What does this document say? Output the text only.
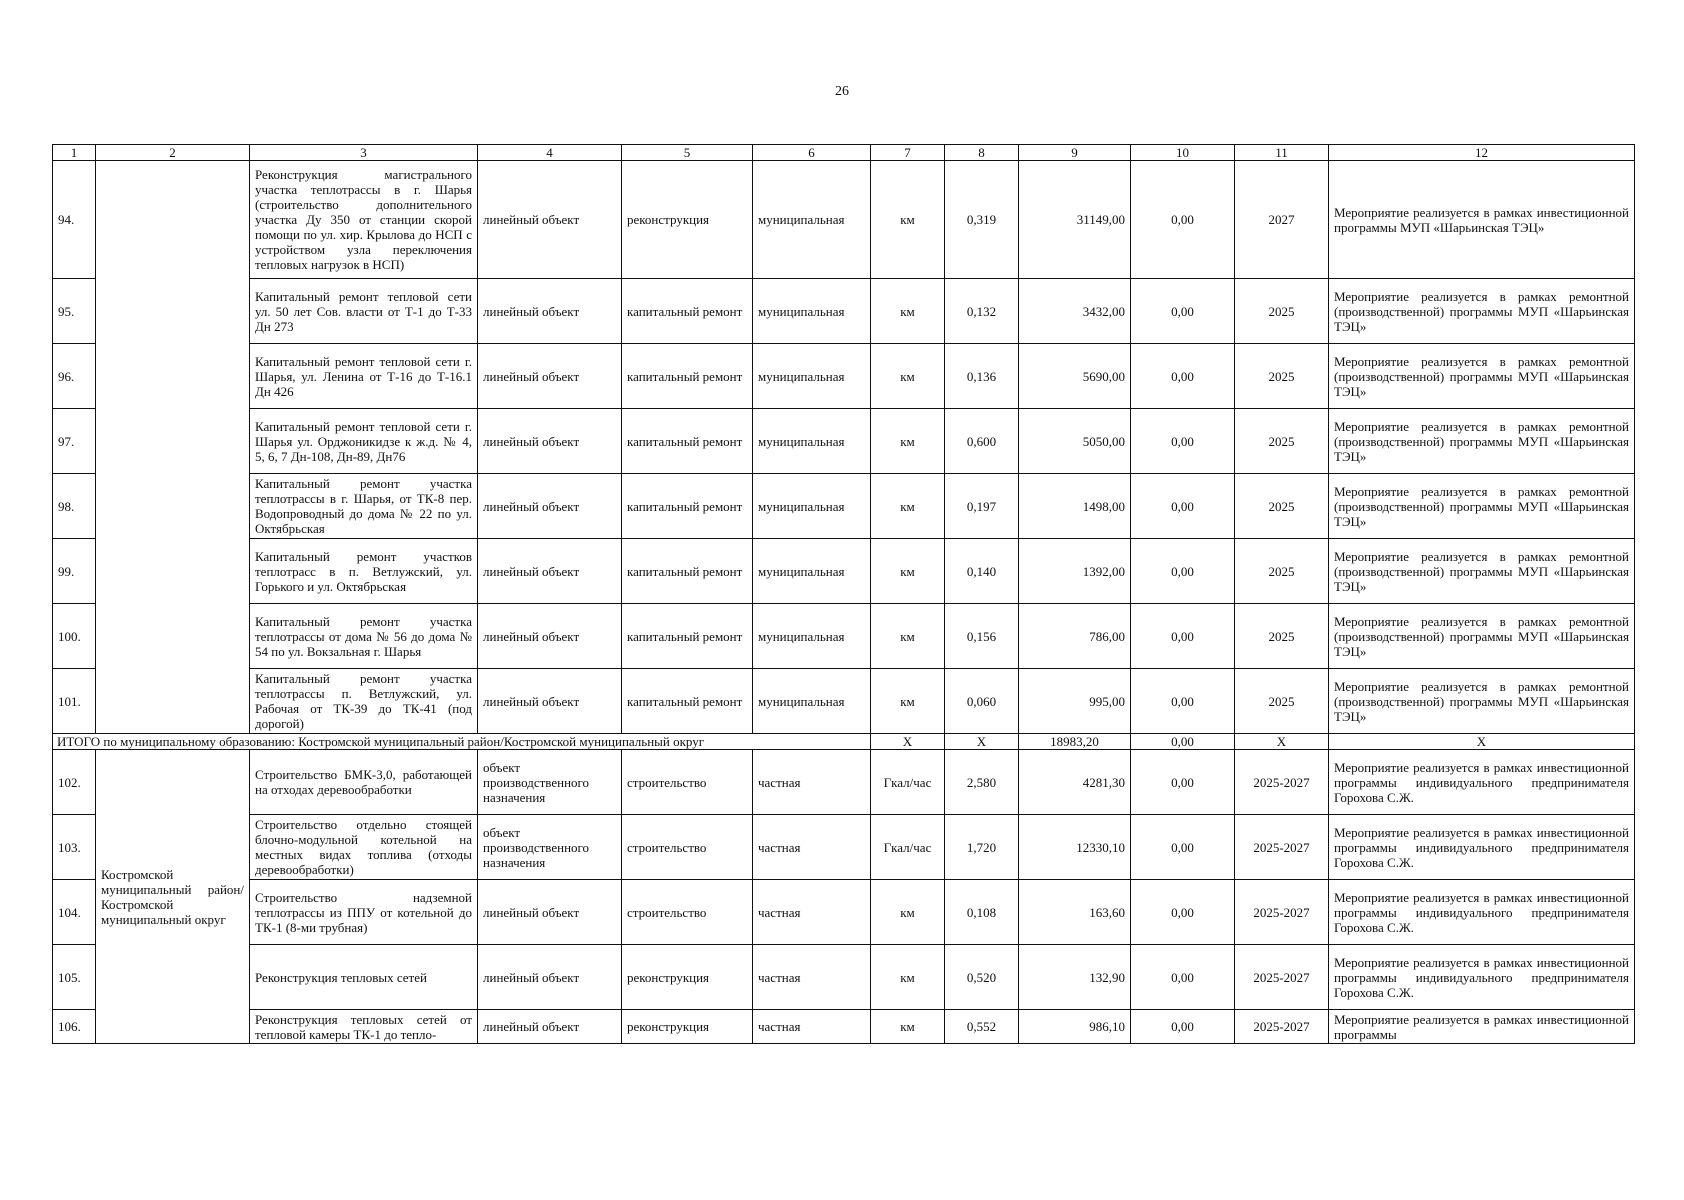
26
1	2	3	4	5	6	7	8	9	10	11	12
94.		Реконструкция магистрального участка теплотрассы в г. Шарья (строительство дополнительного участка Ду 350 от станции скорой помощи по ул. хир. Крылова до НСП с устройством узла переключения тепловых нагрузок в НСП)	линейный объект	реконструкция	муниципальная	км	0,319	31149,00	0,00	2027	Мероприятие реализуется в рамках инвестиционной программы МУП «Шарьинская ТЭЦ»
95.		Капитальный ремонт тепловой сети ул. 50 лет Сов. власти от Т-1 до Т-33 Дн 273	линейный объект	капитальный ремонт	муниципальная	км	0,132	3432,00	0,00	2025	Мероприятие реализуется в рамках ремонтной (производственной) программы МУП «Шарьинская ТЭЦ»
96.		Капитальный ремонт тепловой сети г. Шарья, ул. Ленина от Т-16 до Т-16.1 Дн 426	линейный объект	капитальный ремонт	муниципальная	км	0,136	5690,00	0,00	2025	Мероприятие реализуется в рамках ремонтной (производственной) программы МУП «Шарьинская ТЭЦ»
97.		Капитальный ремонт тепловой сети г. Шарья ул. Орджоникидзе к ж.д. № 4, 5, 6, 7 Дн-108, Дн-89, Дн76	линейный объект	капитальный ремонт	муниципальная	км	0,600	5050,00	0,00	2025	Мероприятие реализуется в рамках ремонтной (производственной) программы МУП «Шарьинская ТЭЦ»
98.		Капитальный ремонт участка теплотрассы в г. Шарья, от ТК-8 пер. Водопроводный до дома № 22 по ул. Октябрьская	линейный объект	капитальный ремонт	муниципальная	км	0,197	1498,00	0,00	2025	Мероприятие реализуется в рамках ремонтной (производственной) программы МУП «Шарьинская ТЭЦ»
99.		Капитальный ремонт участков теплотрасс в п. Ветлужский, ул. Горького и ул. Октябрьская	линейный объект	капитальный ремонт	муниципальная	км	0,140	1392,00	0,00	2025	Мероприятие реализуется в рамках ремонтной (производственной) программы МУП «Шарьинская ТЭЦ»
100.		Капитальный ремонт участка теплотрассы от дома № 56 до дома № 54 по ул. Вокзальная г. Шарья	линейный объект	капитальный ремонт	муниципальная	км	0,156	786,00	0,00	2025	Мероприятие реализуется в рамках ремонтной (производственной) программы МУП «Шарьинская ТЭЦ»
101.		Капитальный ремонт участка теплотрассы п. Ветлужский, ул. Рабочая от ТК-39 до ТК-41 (под дорогой)	линейный объект	капитальный ремонт	муниципальная	км	0,060	995,00	0,00	2025	Мероприятие реализуется в рамках ремонтной (производственной) программы МУП «Шарьинская ТЭЦ»
ИТОГО по муниципальному образованию: Костромской муниципальный район/Костромской муниципальный округ						Х	Х	18983,20	0,00	Х	Х
102.	Костромской муниципальный район/ Костромской муниципальный округ	Строительство БМК-3,0, работающей на отходах деревообработки	объект производственного назначения	строительство	частная	Гкал/час	2,580	4281,30	0,00	2025-2027	Мероприятие реализуется в рамках инвестиционной программы индивидуального предпринимателя Горохова С.Ж.
103.		Строительство отдельно стоящей блочно-модульной котельной на местных видах топлива (отходы деревообработки)	объект производственного назначения	строительство	частная	Гкал/час	1,720	12330,10	0,00	2025-2027	Мероприятие реализуется в рамках инвестиционной программы индивидуального предпринимателя Горохова С.Ж.
104.		Строительство надземной теплотрассы из ППУ от котельной до ТК-1 (8-ми трубная)	линейный объект	строительство	частная	км	0,108	163,60	0,00	2025-2027	Мероприятие реализуется в рамках инвестиционной программы индивидуального предпринимателя Горохова С.Ж.
105.		Реконструкция тепловых сетей	линейный объект	реконструкция	частная	км	0,520	132,90	0,00	2025-2027	Мероприятие реализуется в рамках инвестиционной программы индивидуального предпринимателя Горохова С.Ж.
106.		Реконструкция тепловых сетей от тепловой камеры ТК-1 до тепло-	линейный объект	реконструкция	частная	км	0,552	986,10	0,00	2025-2027	Мероприятие реализуется в рамках инвестиционной программы
